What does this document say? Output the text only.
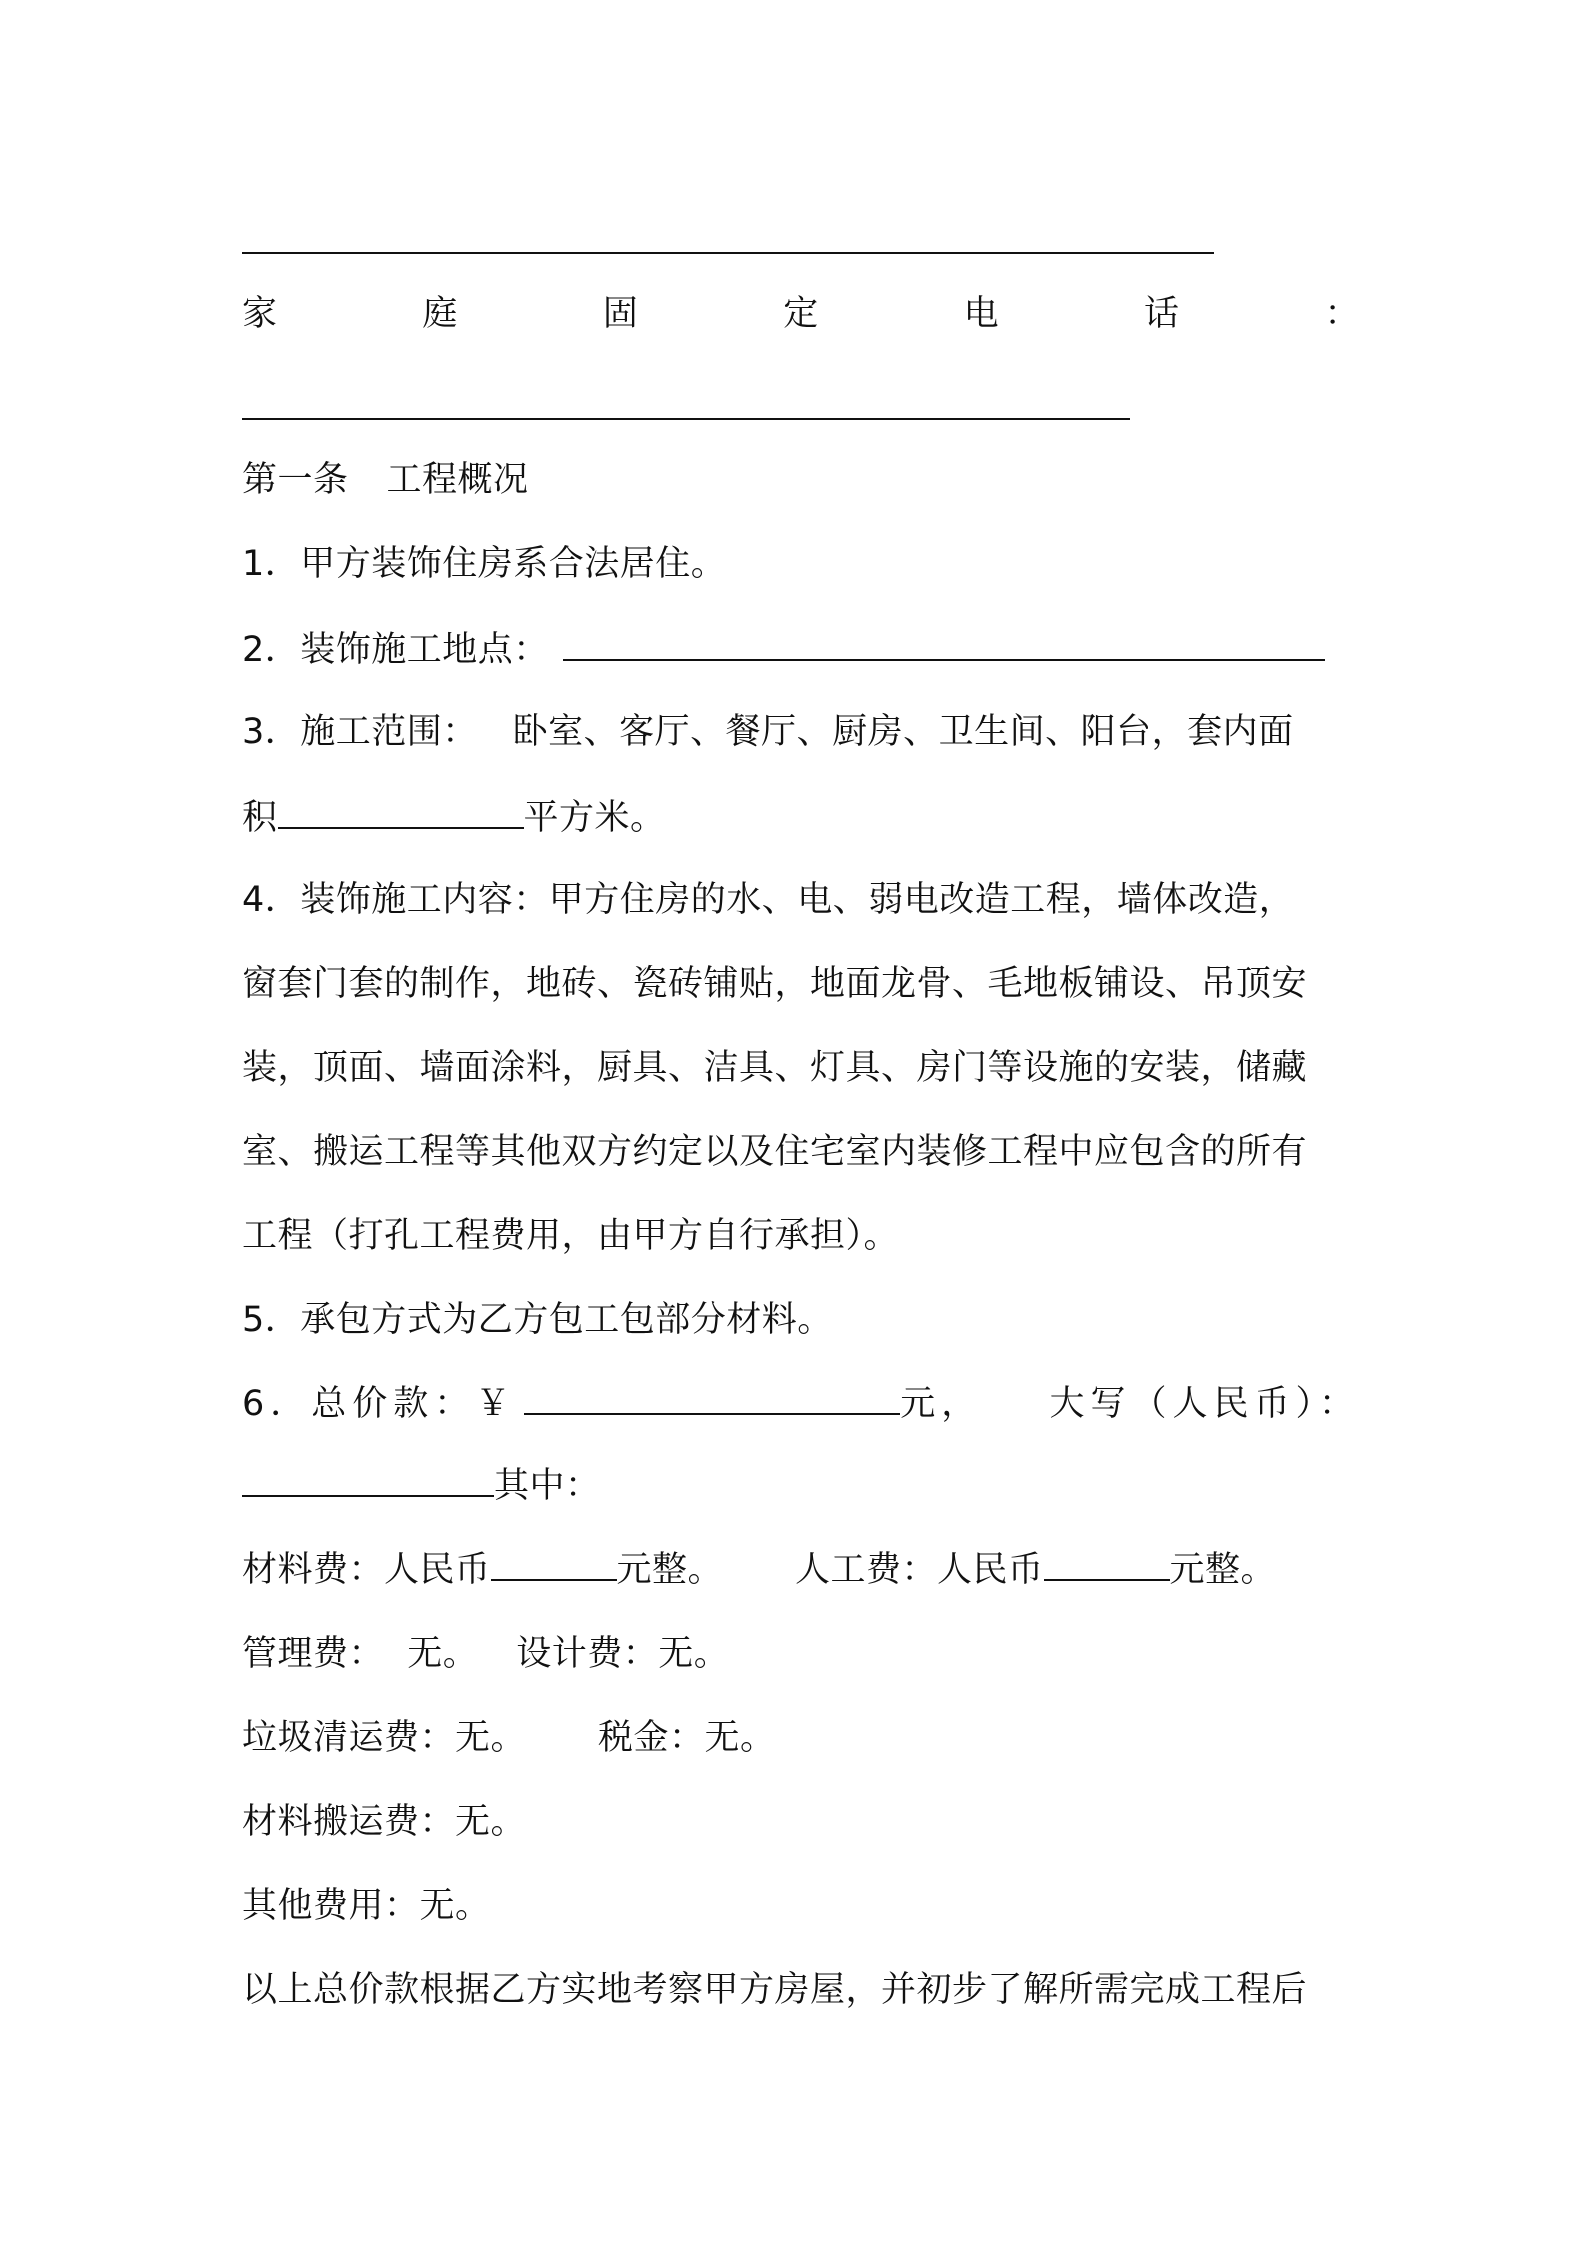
家	庭	固	定	电	话	：
第一条 工程概况
1．甲方装饰住房系合法居住。
2．装饰施工地点：
3．施工范围：   卧室、客厅、餐厅、厨房、卫生间、阳台，套内面
积	平方米。
4．装饰施工内容：甲方住房的水、电、弱电改造工程，墙体改造，
窗套门套的制作，地砖、瓷砖铺贴，地面龙骨、毛地板铺设、吊顶安
装，顶面、墙面涂料，厨具、洁具、灯具、房门等设施的安装，储藏
室、搬运工程等其他双方约定以及住宅室内装修工程中应包含的所有
工程（打孔工程费用，由甲方自行承担）。
5．承包方式为乙方包工包部分材料。
6．总价款：￥	元， 大写（人民币）：
其中：
材料费：人民币	元整。 人工费：人民币	元整。
管理费：  无。 设计费：无。
垃圾清运费：无。 税金：无。
材料搬运费：无。
其他费用：无。
以上总价款根据乙方实地考察甲方房屋，并初步了解所需完成工程后
